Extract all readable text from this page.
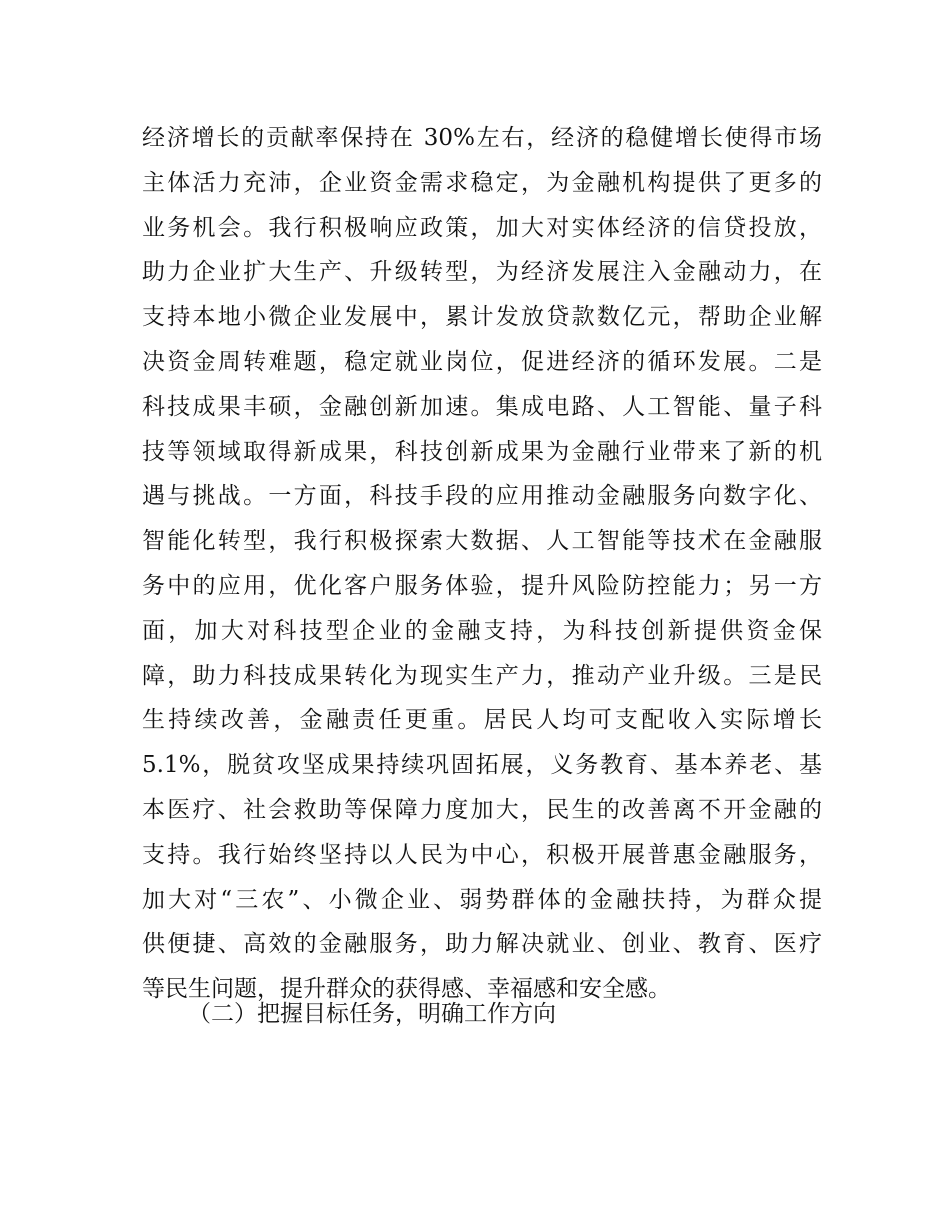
经济增长的贡献率保持在 30%左右，经济的稳健增长使得市场
主体活力充沛，企业资金需求稳定，为金融机构提供了更多的
业务机会。我行积极响应政策，加大对实体经济的信贷投放，
助力企业扩大生产、升级转型，为经济发展注入金融动力，在
支持本地小微企业发展中，累计发放贷款数亿元，帮助企业解
决资金周转难题，稳定就业岗位，促进经济的循环发展。二是
科技成果丰硕，金融创新加速。集成电路、人工智能、量子科
技等领域取得新成果，科技创新成果为金融行业带来了新的机
遇与挑战。一方面，科技手段的应用推动金融服务向数字化、
智能化转型，我行积极探索大数据、人工智能等技术在金融服
务中的应用，优化客户服务体验，提升风险防控能力；另一方
面，加大对科技型企业的金融支持，为科技创新提供资金保
障，助力科技成果转化为现实生产力，推动产业升级。三是民
生持续改善，金融责任更重。居民人均可支配收入实际增长
5.1%，脱贫攻坚成果持续巩固拓展，义务教育、基本养老、基
本医疗、社会救助等保障力度加大，民生的改善离不开金融的
支持。我行始终坚持以人民为中心，积极开展普惠金融服务，
加大对“三农”、小微企业、弱势群体的金融扶持，为群众提
供便捷、高效的金融服务，助力解决就业、创业、教育、医疗
等民生问题，提升群众的获得感、幸福感和安全感。
（二）把握目标任务，明确工作方向
